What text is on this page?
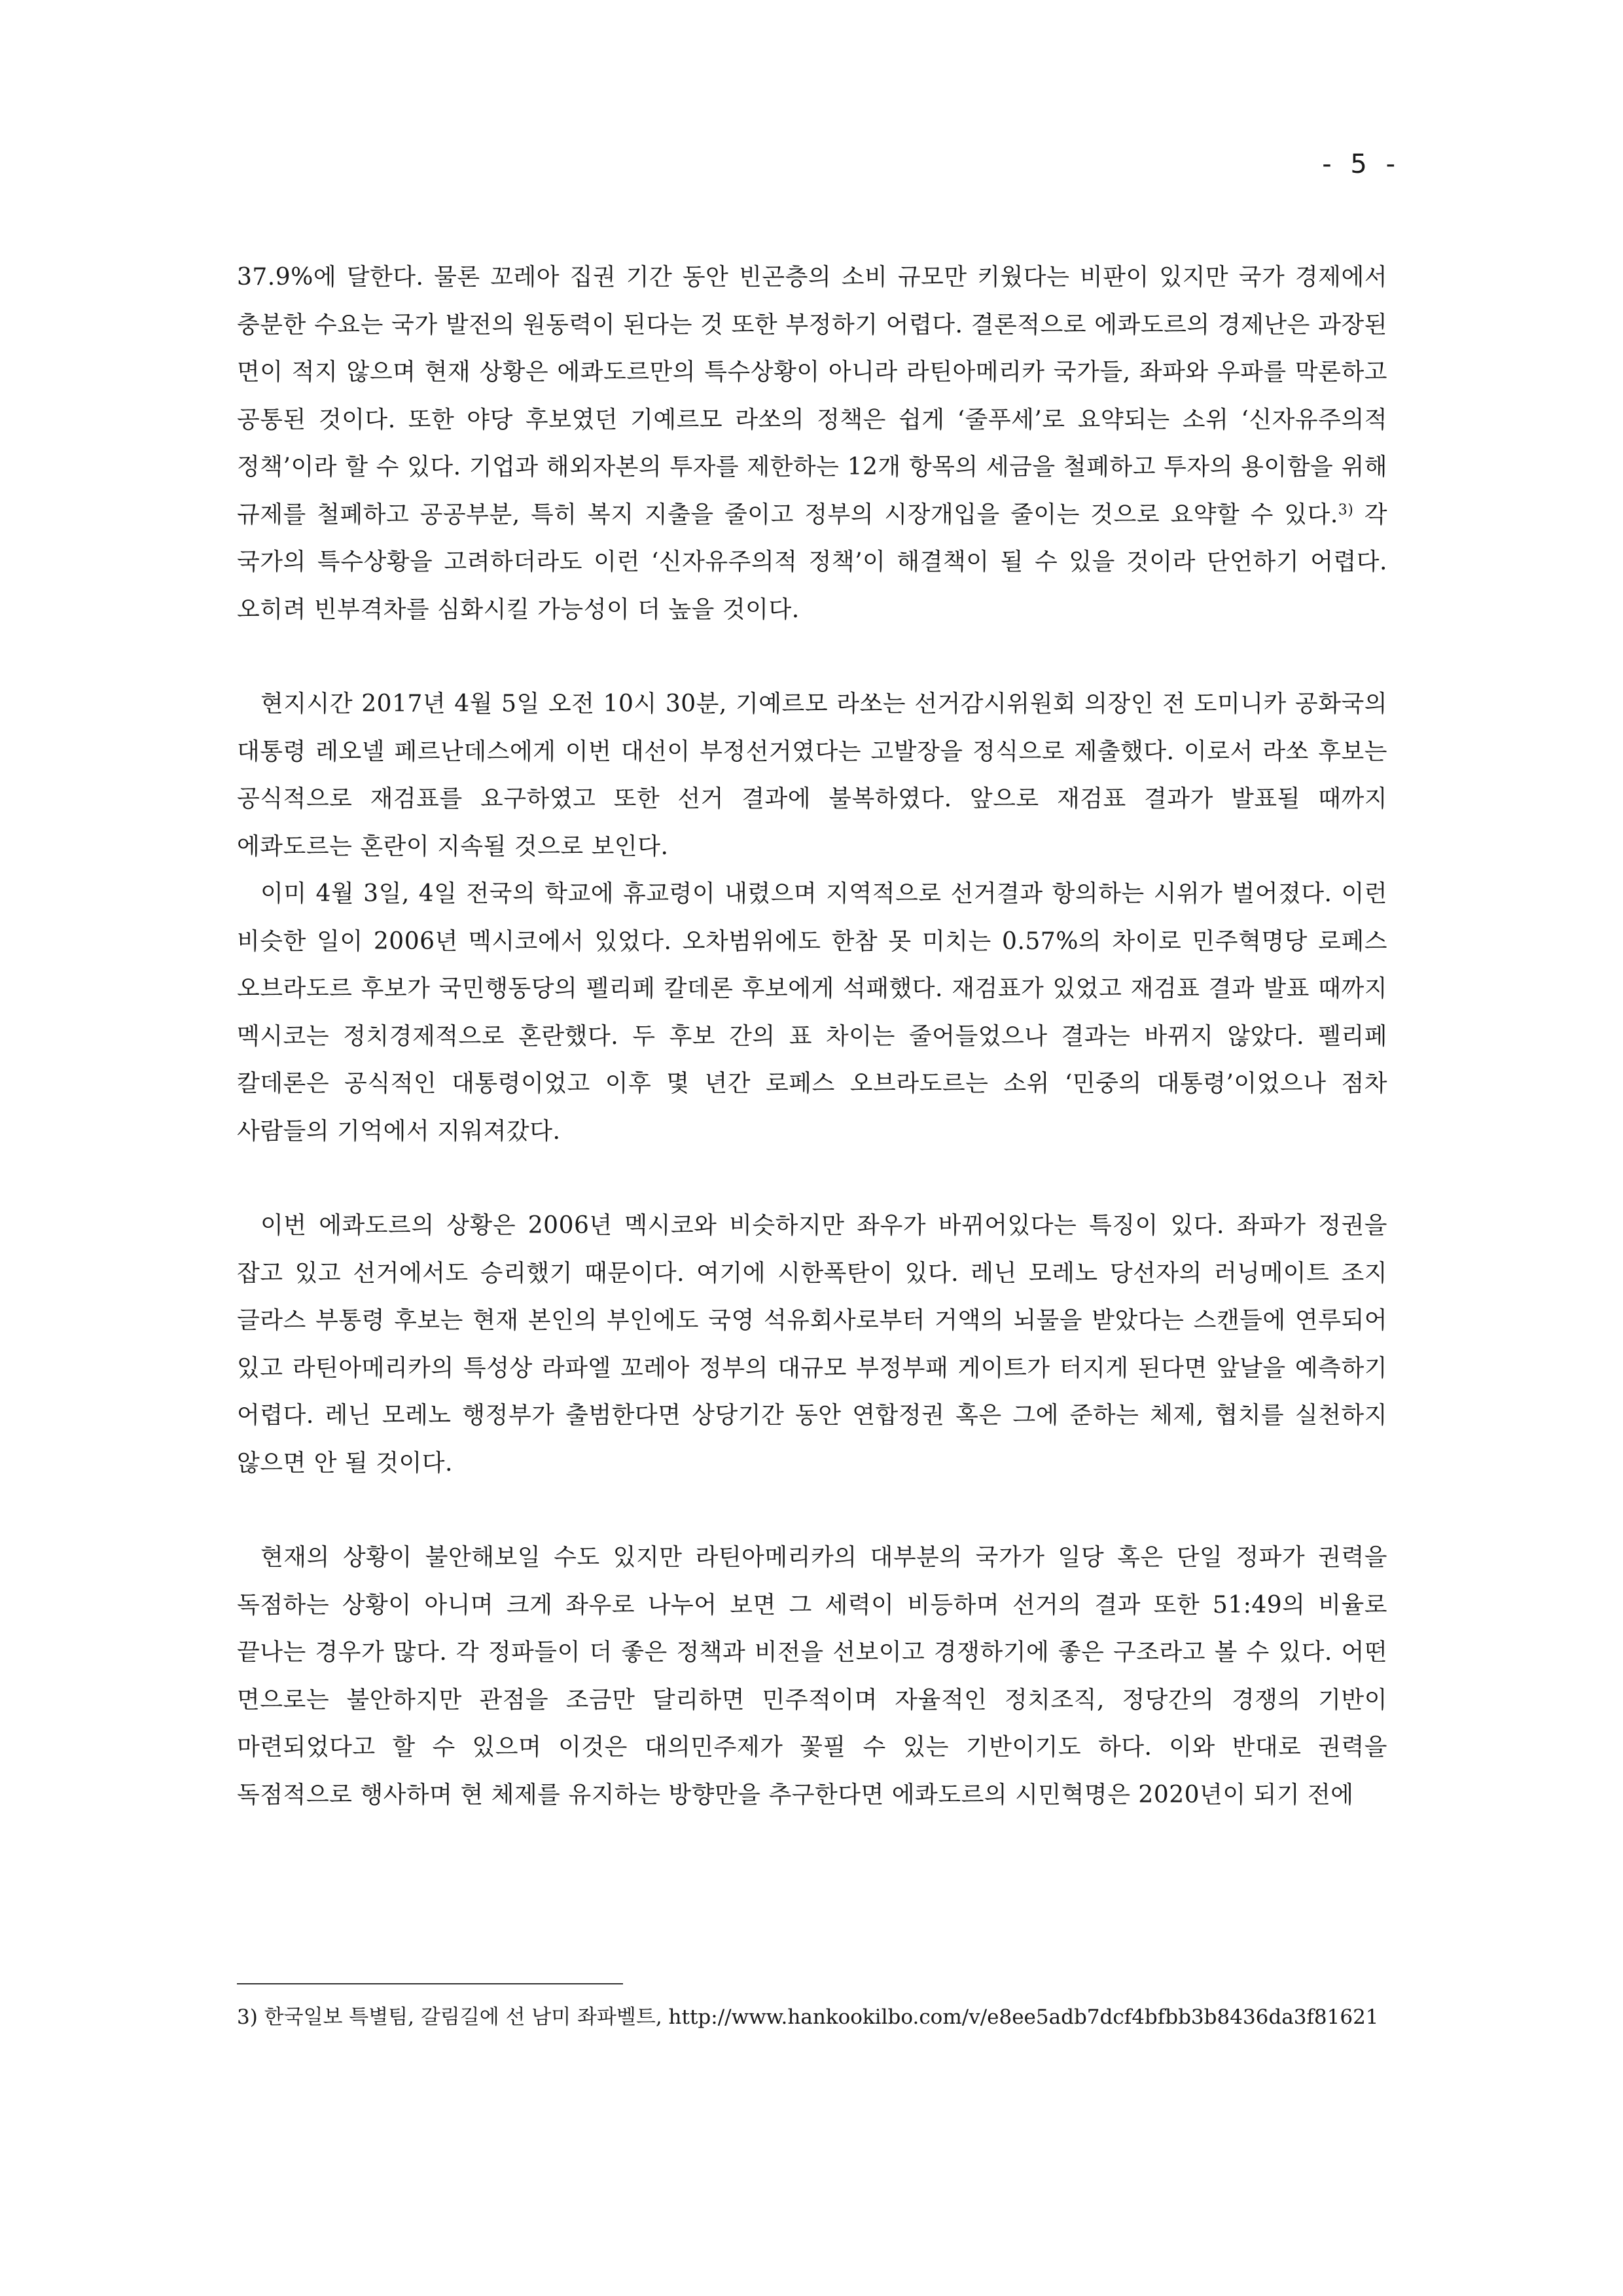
- 5 -

37.9%에 달한다. 물론 꼬레아 집권 기간 동안 빈곤층의 소비 규모만 키웠다는 비판이 있지만 국가 경제에서 충분한 수요는 국가 발전의 원동력이 된다는 것 또한 부정하기 어렵다. 결론적으로 에콰도르의 경제난은 과장된 면이 적지 않으며 현재 상황은 에콰도르만의 특수상황이 아니라 라틴아메리카 국가들, 좌파와 우파를 막론하고 공통된 것이다. 또한 야당 후보였던 기예르모 라쏘의 정책은 쉽게 ‘줄푸세’로 요약되는 소위 ‘신자유주의적 정책’이라 할 수 있다. 기업과 해외자본의 투자를 제한하는 12개 항목의 세금을 철폐하고 투자의 용이함을 위해 규제를 철폐하고 공공부분, 특히 복지 지출을 줄이고 정부의 시장개입을 줄이는 것으로 요약할 수 있다.$^{3)}$ 각 국가의 특수상황을 고려하더라도 이런 ‘신자유주의적 정책’이 해결책이 될 수 있을 것이라 단언하기 어렵다. 오히려 빈부격차를 심화시킬 가능성이 더 높을 것이다.

현지시간 2017년 4월 5일 오전 10시 30분, 기예르모 라쏘는 선거감시위원회 의장인 전 도미니카 공화국의 대통령 레오넬 페르난데스에게 이번 대선이 부정선거였다는 고발장을 정식으로 제출했다. 이로서 라쏘 후보는 공식적으로 재검표를 요구하였고 또한 선거 결과에 불복하였다. 앞으로 재검표 결과가 발표될 때까지 에콰도르는 혼란이 지속될 것으로 보인다.

이미 4월 3일, 4일 전국의 학교에 휴교령이 내렸으며 지역적으로 선거결과 항의하는 시위가 벌어졌다. 이런 비슷한 일이 2006년 멕시코에서 있었다. 오차범위에도 한참 못 미치는 0.57%의 차이로 민주혁명당 로페스 오브라도르 후보가 국민행동당의 펠리페 칼데론 후보에게 석패했다. 재검표가 있었고 재검표 결과 발표 때까지 멕시코는 정치경제적으로 혼란했다. 두 후보 간의 표 차이는 줄어들었으나 결과는 바뀌지 않았다. 펠리페 칼데론은 공식적인 대통령이었고 이후 몇 년간 로페스 오브라도르는 소위 ‘민중의 대통령’이었으나 점차 사람들의 기억에서 지워져갔다.

이번 에콰도르의 상황은 2006년 멕시코와 비슷하지만 좌우가 바뀌어있다는 특징이 있다. 좌파가 정권을 잡고 있고 선거에서도 승리했기 때문이다. 여기에 시한폭탄이 있다. 레닌 모레노 당선자의 러닝메이트 조지 글라스 부통령 후보는 현재 본인의 부인에도 국영 석유회사로부터 거액의 뇌물을 받았다는 스캔들에 연루되어 있고 라틴아메리카의 특성상 라파엘 꼬레아 정부의 대규모 부정부패 게이트가 터지게 된다면 앞날을 예측하기 어렵다. 레닌 모레노 행정부가 출범한다면 상당기간 동안 연합정권 혹은 그에 준하는 체제, 협치를 실천하지 않으면 안 될 것이다.

현재의 상황이 불안해보일 수도 있지만 라틴아메리카의 대부분의 국가가 일당 혹은 단일 정파가 권력을 독점하는 상황이 아니며 크게 좌우로 나누어 보면 그 세력이 비등하며 선거의 결과 또한 51:49의 비율로 끝나는 경우가 많다. 각 정파들이 더 좋은 정책과 비전을 선보이고 경쟁하기에 좋은 구조라고 볼 수 있다. 어떤 면으로는 불안하지만 관점을 조금만 달리하면 민주적이며 자율적인 정치조직, 정당간의 경쟁의 기반이 마련되었다고 할 수 있으며 이것은 대의민주제가 꽃필 수 있는 기반이기도 하다. 이와 반대로 권력을 독점적으로 행사하며 현 체제를 유지하는 방향만을 추구한다면 에콰도르의 시민혁명은 2020년이 되기 전에

3) 한국일보 특별팀, 갈림길에 선 남미 좌파벨트, http://www.hankookilbo.com/v/e8ee5adb7dcf4bfbb3b8436da3f81621
